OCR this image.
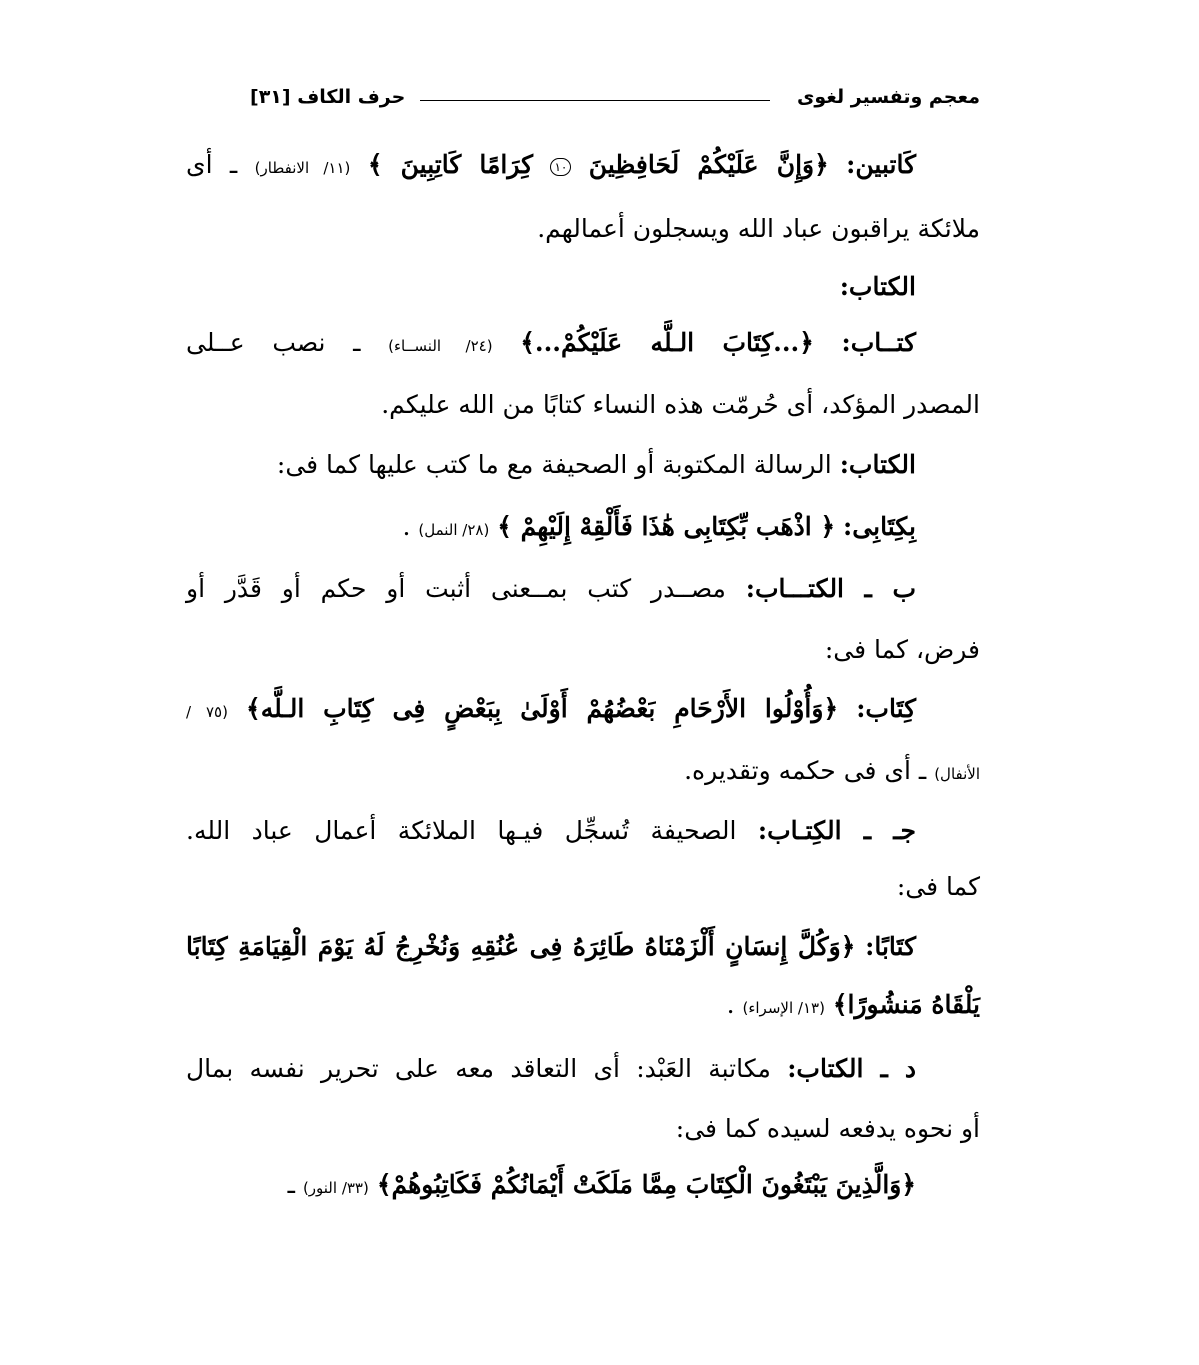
معجم وتفسير لغوى
حرف الكاف [٣١]

كَاتبين: ﴿وَإِنَّ عَلَيْكُمْ لَحَافِظِينَ ١٠ كِرَامًا كَاتِبِينَ ﴾ (١١/ الانفطار) ـ أى

ملائكة يراقبون عباد الله ويسجلون أعمالهم.

الكتاب:

كتــاب: ﴿...كِتَابَ الـلَّه عَلَيْكُمْ...﴾ (٢٤/ النســاء) ـ نصب عــلى

المصدر المؤكد، أى حُرمّت هذه النساء كتابًا من الله عليكم.

الكتاب: الرسالة المكتوبة أو الصحيفة مع ما كتب عليها كما فى:

بِكِتَابِى: ﴿ اذْهَب بِّكِتَابِى هَٰذَا فَأَلْقِهْ إِلَيْهِمْ ﴾ (٢٨/ النمل) .

ب ـ الكتـــاب: مصــدر كتب بمــعنى أثبت أو حكم أو قَدَّر أو

فرض، كما فى:

كِتَاب: ﴿وَأُوْلُوا الأَرْحَامِ بَعْضُهُمْ أَوْلَىٰ بِبَعْضٍ فِى كِتَابِ الـلَّه﴾ (٧٥ /

الأنفال) ـ أى فى حكمه وتقديره.

جـ ـ الكِتـاب: الصحيفة تُسجِّل فيـها الملائكة أعمال عباد الله.

كما فى:

كتَابًا: ﴿وَكُلَّ إِنسَانٍ أَلْزَمْنَاهُ طَائِرَهُ فِى عُنُقِهِ وَنُخْرِجُ لَهُ يَوْمَ الْقِيَامَةِ كِتَابًا

يَلْقَاهُ مَنشُورًا﴾ (١٣/ الإسراء) .

د ـ الكتاب: مكاتبة العَبْد: أى التعاقد معه على تحرير نفسه بمال

أو نحوه يدفعه لسيده كما فى:

﴿وَالَّذِينَ يَبْتَغُونَ الْكِتَابَ مِمَّا مَلَكَتْ أَيْمَانُكُمْ فَكَاتِبُوهُمْ﴾ (٣٣/ النور) ـ
